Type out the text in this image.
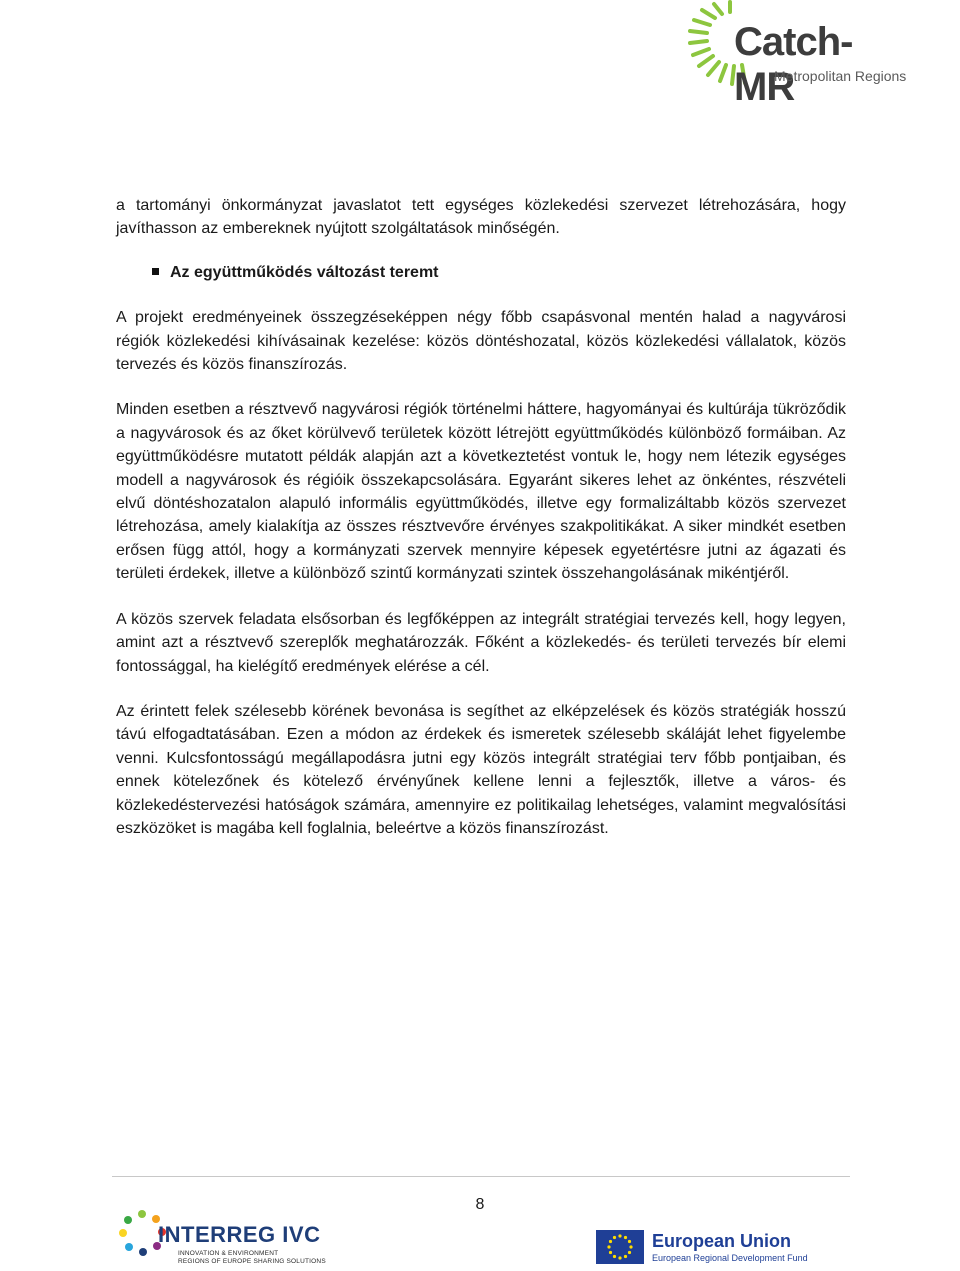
Catch-MR
Metropolitan Regions

a tartományi önkormányzat javaslatot tett egységes közlekedési szervezet létrehozására, hogy javíthasson az embereknek nyújtott szolgáltatások minőségén.

Az együttműködés változást teremt

A projekt eredményeinek összegzéseképpen négy főbb csapásvonal mentén halad a nagyvárosi régiók közlekedési kihívásainak kezelése: közös döntéshozatal, közös közlekedési vállalatok, közös tervezés és közös finanszírozás.

Minden esetben a résztvevő nagyvárosi régiók történelmi háttere, hagyományai és kultúrája tükröződik a nagyvárosok és az őket körülvevő területek között létrejött együttműködés különböző formáiban. Az együttműködésre mutatott példák alapján azt a következtetést vontuk le, hogy nem létezik egységes modell a nagyvárosok és régióik összekapcsolására. Egyaránt sikeres lehet az önkéntes, részvételi elvű döntéshozatalon alapuló informális együttműködés, illetve egy formalizáltabb közös szervezet létrehozása, amely kialakítja az összes résztvevőre érvényes szakpolitikákat. A siker mindkét esetben erősen függ attól, hogy a kormányzati szervek mennyire képesek egyetértésre jutni az ágazati és területi érdekek, illetve a különböző szintű kormányzati szintek összehangolásának mikéntjéről.

A közös szervek feladata elsősorban és legfőképpen az integrált stratégiai tervezés kell, hogy legyen, amint azt a résztvevő szereplők meghatározzák. Főként a közlekedés- és területi tervezés bír elemi fontossággal, ha kielégítő eredmények elérése a cél.

Az érintett felek szélesebb körének bevonása is segíthet az elképzelések és közös stratégiák hosszú távú elfogadtatásában. Ezen a módon az érdekek és ismeretek szélesebb skáláját lehet figyelembe venni. Kulcsfontosságú megállapodásra jutni egy közös integrált stratégiai terv főbb pontjaiban, és ennek kötelezőnek és kötelező érvényűnek kellene lenni a fejlesztők, illetve a város- és közlekedéstervezési hatóságok számára, amennyire ez politikailag lehetséges, valamint megvalósítási eszközöket is magába kell foglalnia, beleértve a közös finanszírozást.

8
INTERREG IVC
INNOVATION & ENVIRONMENT
REGIONS OF EUROPE SHARING SOLUTIONS
European Union
European Regional Development Fund
